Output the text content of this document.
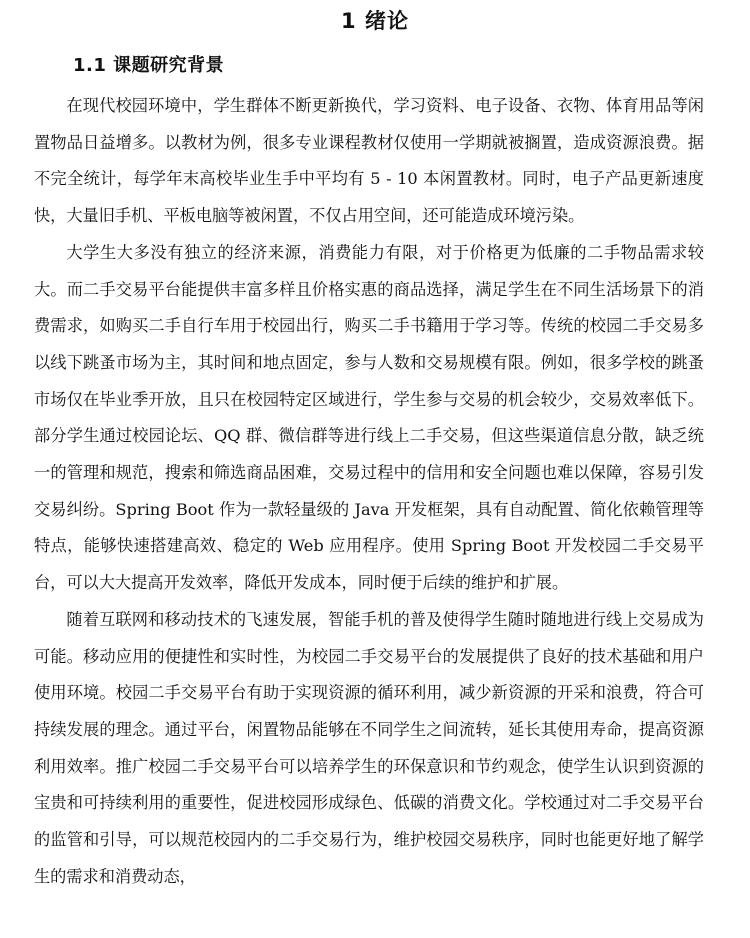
1 绪论
1.1 课题研究背景

在现代校园环境中，学生群体不断更新换代，学习资料、电子设备、衣物、体育用品等闲置物品日益增多。以教材为例，很多专业课程教材仅使用一学期就被搁置，造成资源浪费。据不完全统计，每学年末高校毕业生手中平均有 5 - 10 本闲置教材。同时，电子产品更新速度快，大量旧手机、平板电脑等被闲置，不仅占用空间，还可能造成环境污染。

大学生大多没有独立的经济来源，消费能力有限，对于价格更为低廉的二手物品需求较大。而二手交易平台能提供丰富多样且价格实惠的商品选择，满足学生在不同生活场景下的消费需求，如购买二手自行车用于校园出行，购买二手书籍用于学习等。传统的校园二手交易多以线下跳蚤市场为主，其时间和地点固定，参与人数和交易规模有限。例如，很多学校的跳蚤市场仅在毕业季开放，且只在校园特定区域进行，学生参与交易的机会较少，交易效率低下。部分学生通过校园论坛、QQ 群、微信群等进行线上二手交易，但这些渠道信息分散，缺乏统一的管理和规范，搜索和筛选商品困难，交易过程中的信用和安全问题也难以保障，容易引发交易纠纷。Spring Boot 作为一款轻量级的 Java 开发框架，具有自动配置、简化依赖管理等特点，能够快速搭建高效、稳定的 Web 应用程序。使用 Spring Boot 开发校园二手交易平台，可以大大提高开发效率，降低开发成本，同时便于后续的维护和扩展。

随着互联网和移动技术的飞速发展，智能手机的普及使得学生随时随地进行线上交易成为可能。移动应用的便捷性和实时性，为校园二手交易平台的发展提供了良好的技术基础和用户使用环境。校园二手交易平台有助于实现资源的循环利用，减少新资源的开采和浪费，符合可持续发展的理念。通过平台，闲置物品能够在不同学生之间流转，延长其使用寿命，提高资源利用效率。推广校园二手交易平台可以培养学生的环保意识和节约观念，使学生认识到资源的宝贵和可持续利用的重要性，促进校园形成绿色、低碳的消费文化。学校通过对二手交易平台的监管和引导，可以规范校园内的二手交易行为，维护校园交易秩序，同时也能更好地了解学生的需求和消费动态，
